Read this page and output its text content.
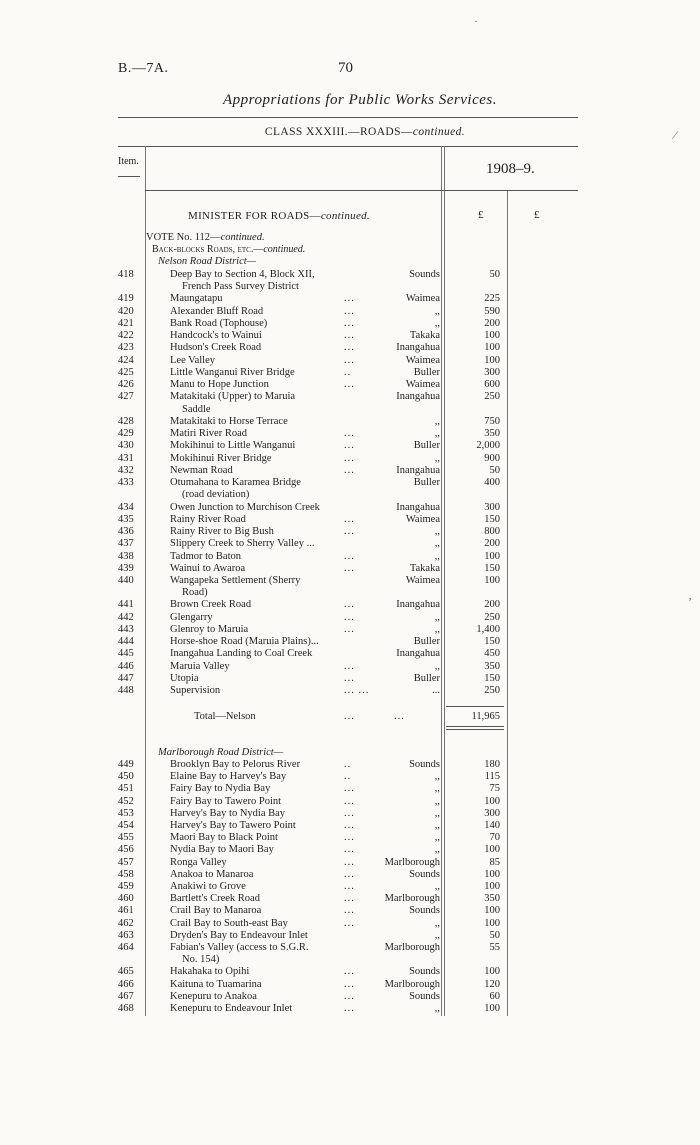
B.—7A.	70
Appropriations for Public Works Services.
CLASS XXXIII.—ROADS—continued.
Item.	1908–9.
MINISTER FOR ROADS—continued.	£	£
VOTE No. 112—continued.
Back-blocks Roads, etc.—continued.
Nelson Road District—
418	Deep Bay to Section 4, Block XII,	Sounds	50
French Pass Survey District
419	Maungatapu	...	Waimea	225
420	Alexander Bluff Road	...	,,	590
421	Bank Road (Tophouse)	...	,,	200
422	Handcock's to Wainui	...	Takaka	100
423	Hudson's Creek Road	...	Inangahua	100
424	Lee Valley	...	Waimea	100
425	Little Wanganui River Bridge	..	Buller	300
426	Manu to Hope Junction	...	Waimea	600
427	Matakitaki (Upper) to Maruia	Inangahua	250
Saddle
428	Matakitaki to Horse Terrace	,,	750
429	Matiri River Road	...	,,	350
430	Mokihinui to Little Wanganui	...	Buller	2,000
431	Mokihinui River Bridge	...	,,	900
432	Newman Road	...	Inangahua	50
433	Otumahana to Karamea Bridge	Buller	400
(road deviation)
434	Owen Junction to Murchison Creek	Inangahua	300
435	Rainy River Road	...	Waimea	150
436	Rainy River to Big Bush	...	,,	800
437	Slippery Creek to Sherry Valley ...	,,	200
438	Tadmor to Baton	...	,,	100
439	Wainui to Awaroa	...	Takaka	150
440	Wangapeka Settlement (Sherry	Waimea	100
Road)
441	Brown Creek Road	...	Inangahua	200
442	Glengarry	...	,,	250
443	Glenroy to Maruia	...	,,	1,400
444	Horse-shoe Road (Maruia Plains)...	Buller	150
445	Inangahua Landing to Coal Creek	Inangahua	450
446	Maruia Valley	...	,,	350
447	Utopia	...	Buller	150
448	Supervision	... ...	...	250
Total—Nelson	...	...	11,965
Marlborough Road District—
449	Brooklyn Bay to Pelorus River	..	Sounds	180
450	Elaine Bay to Harvey's Bay	..	,,	115
451	Fairy Bay to Nydia Bay	...	,,	75
452	Fairy Bay to Tawero Point	...	,,	100
453	Harvey's Bay to Nydia Bay	...	,,	300
454	Harvey's Bay to Tawero Point	...	,,	140
455	Maori Bay to Black Point	...	,,	70
456	Nydia Bay to Maori Bay	...	,,	100
457	Ronga Valley	...	Marlborough	85
458	Anakoa to Manaroa	...	Sounds	100
459	Anakiwi to Grove	...	,,	100
460	Bartlett's Creek Road	...	Marlborough	350
461	Crail Bay to Manaroa	...	Sounds	100
462	Crail Bay to South-east Bay	...	,,	100
463	Dryden's Bay to Endeavour Inlet	,,	50
464	Fabian's Valley (access to S.G.R.	Marlborough	55
No. 154)
465	Hakahaka to Opihi	...	Sounds	100
466	Kaituna to Tuamarina	...	Marlborough	120
467	Kenepuru to Anakoa	...	Sounds	60
468	Kenepuru to Endeavour Inlet	...	,,	100
·
⁄
‚
